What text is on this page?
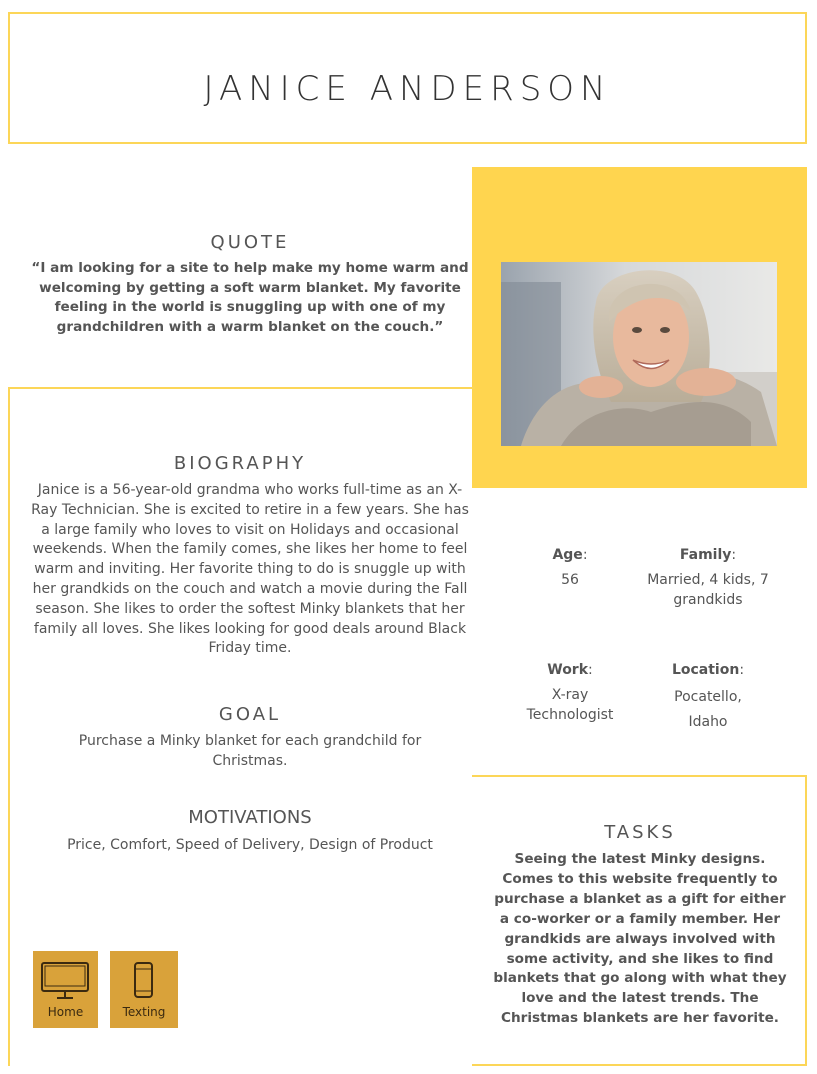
JANICE ANDERSON
QUOTE
“I am looking for a site to help make my home warm and welcoming by getting a soft warm blanket. My favorite feeling in the world is snuggling up with one of my grandchildren with a warm blanket on the couch.”
BIOGRAPHY
Janice is a 56-year-old grandma who works full-time as an X-Ray Technician. She is excited to retire in a few years. She has a large family who loves to visit on Holidays and occasional weekends. When the family comes, she likes her home to feel warm and inviting. Her favorite thing to do is snuggle up with her grandkids on the couch and watch a movie during the Fall season. She likes to order the softest Minky blankets that her family all loves. She likes looking for good deals around Black Friday time.
GOAL
Purchase a Minky blanket for each grandchild for Christmas.
MOTIVATIONS
Price, Comfort, Speed of Delivery, Design of Product
Age:
56
Family:
Married, 4 kids, 7 grandkids
Work:
X-ray Technologist
Location:
Pocatello, Idaho
TASKS
Seeing the latest Minky designs. Comes to this website frequently to purchase a blanket as a gift for either a co-worker or a family member. Her grandkids are always involved with some activity, and she likes to find blankets that go along with what they love and the latest trends. The Christmas blankets are her favorite.
Home	Texting
